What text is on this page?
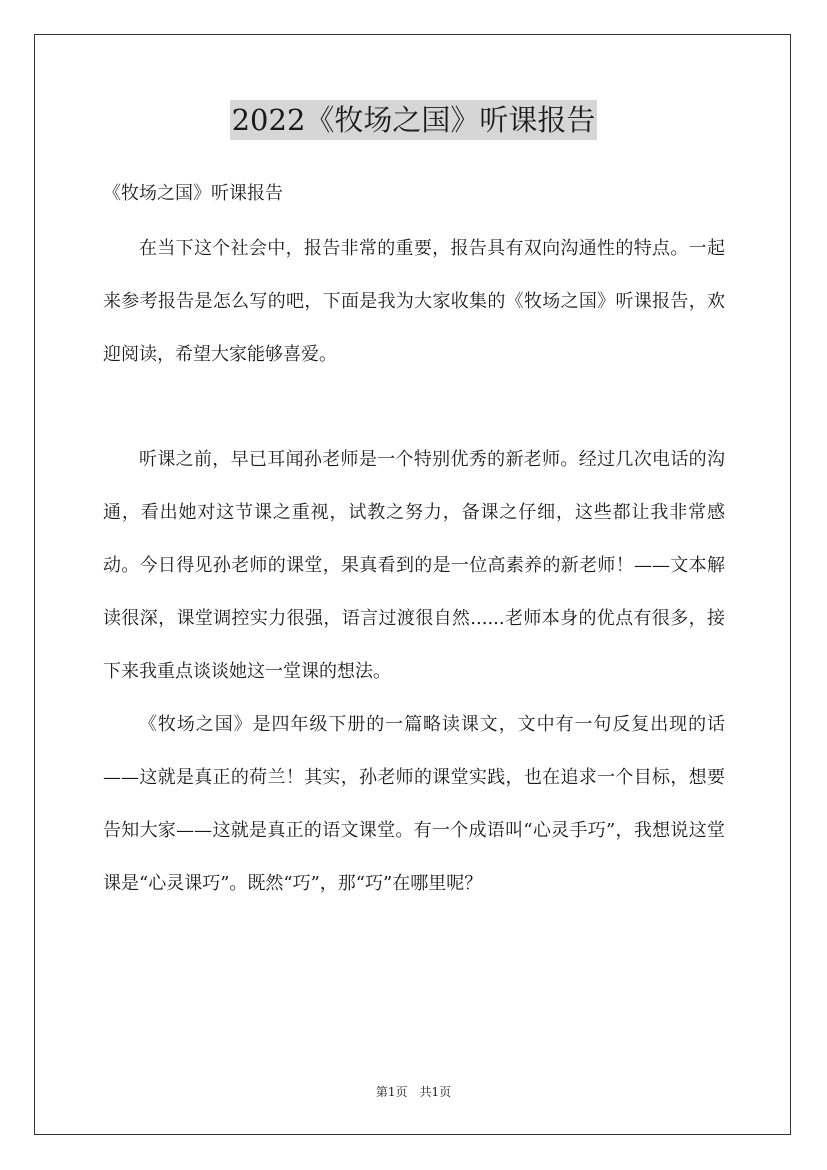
2022《牧场之国》听课报告
《牧场之国》听课报告

在当下这个社会中，报告非常的重要，报告具有双向沟通性的特点。一起来参考报告是怎么写的吧，下面是我为大家收集的《牧场之国》听课报告，欢迎阅读，希望大家能够喜爱。

听课之前，早已耳闻孙老师是一个特别优秀的新老师。经过几次电话的沟通，看出她对这节课之重视，试教之努力，备课之仔细，这些都让我非常感动。今日得见孙老师的课堂，果真看到的是一位高素养的新老师！——文本解读很深，课堂调控实力很强，语言过渡很自然......老师本身的优点有很多，接下来我重点谈谈她这一堂课的想法。

《牧场之国》是四年级下册的一篇略读课文，文中有一句反复出现的话——这就是真正的荷兰！其实，孙老师的课堂实践，也在追求一个目标，想要告知大家——这就是真正的语文课堂。有一个成语叫“心灵手巧”，我想说这堂课是“心灵课巧”。既然“巧”，那“巧”在哪里呢？

第1页　共1页
